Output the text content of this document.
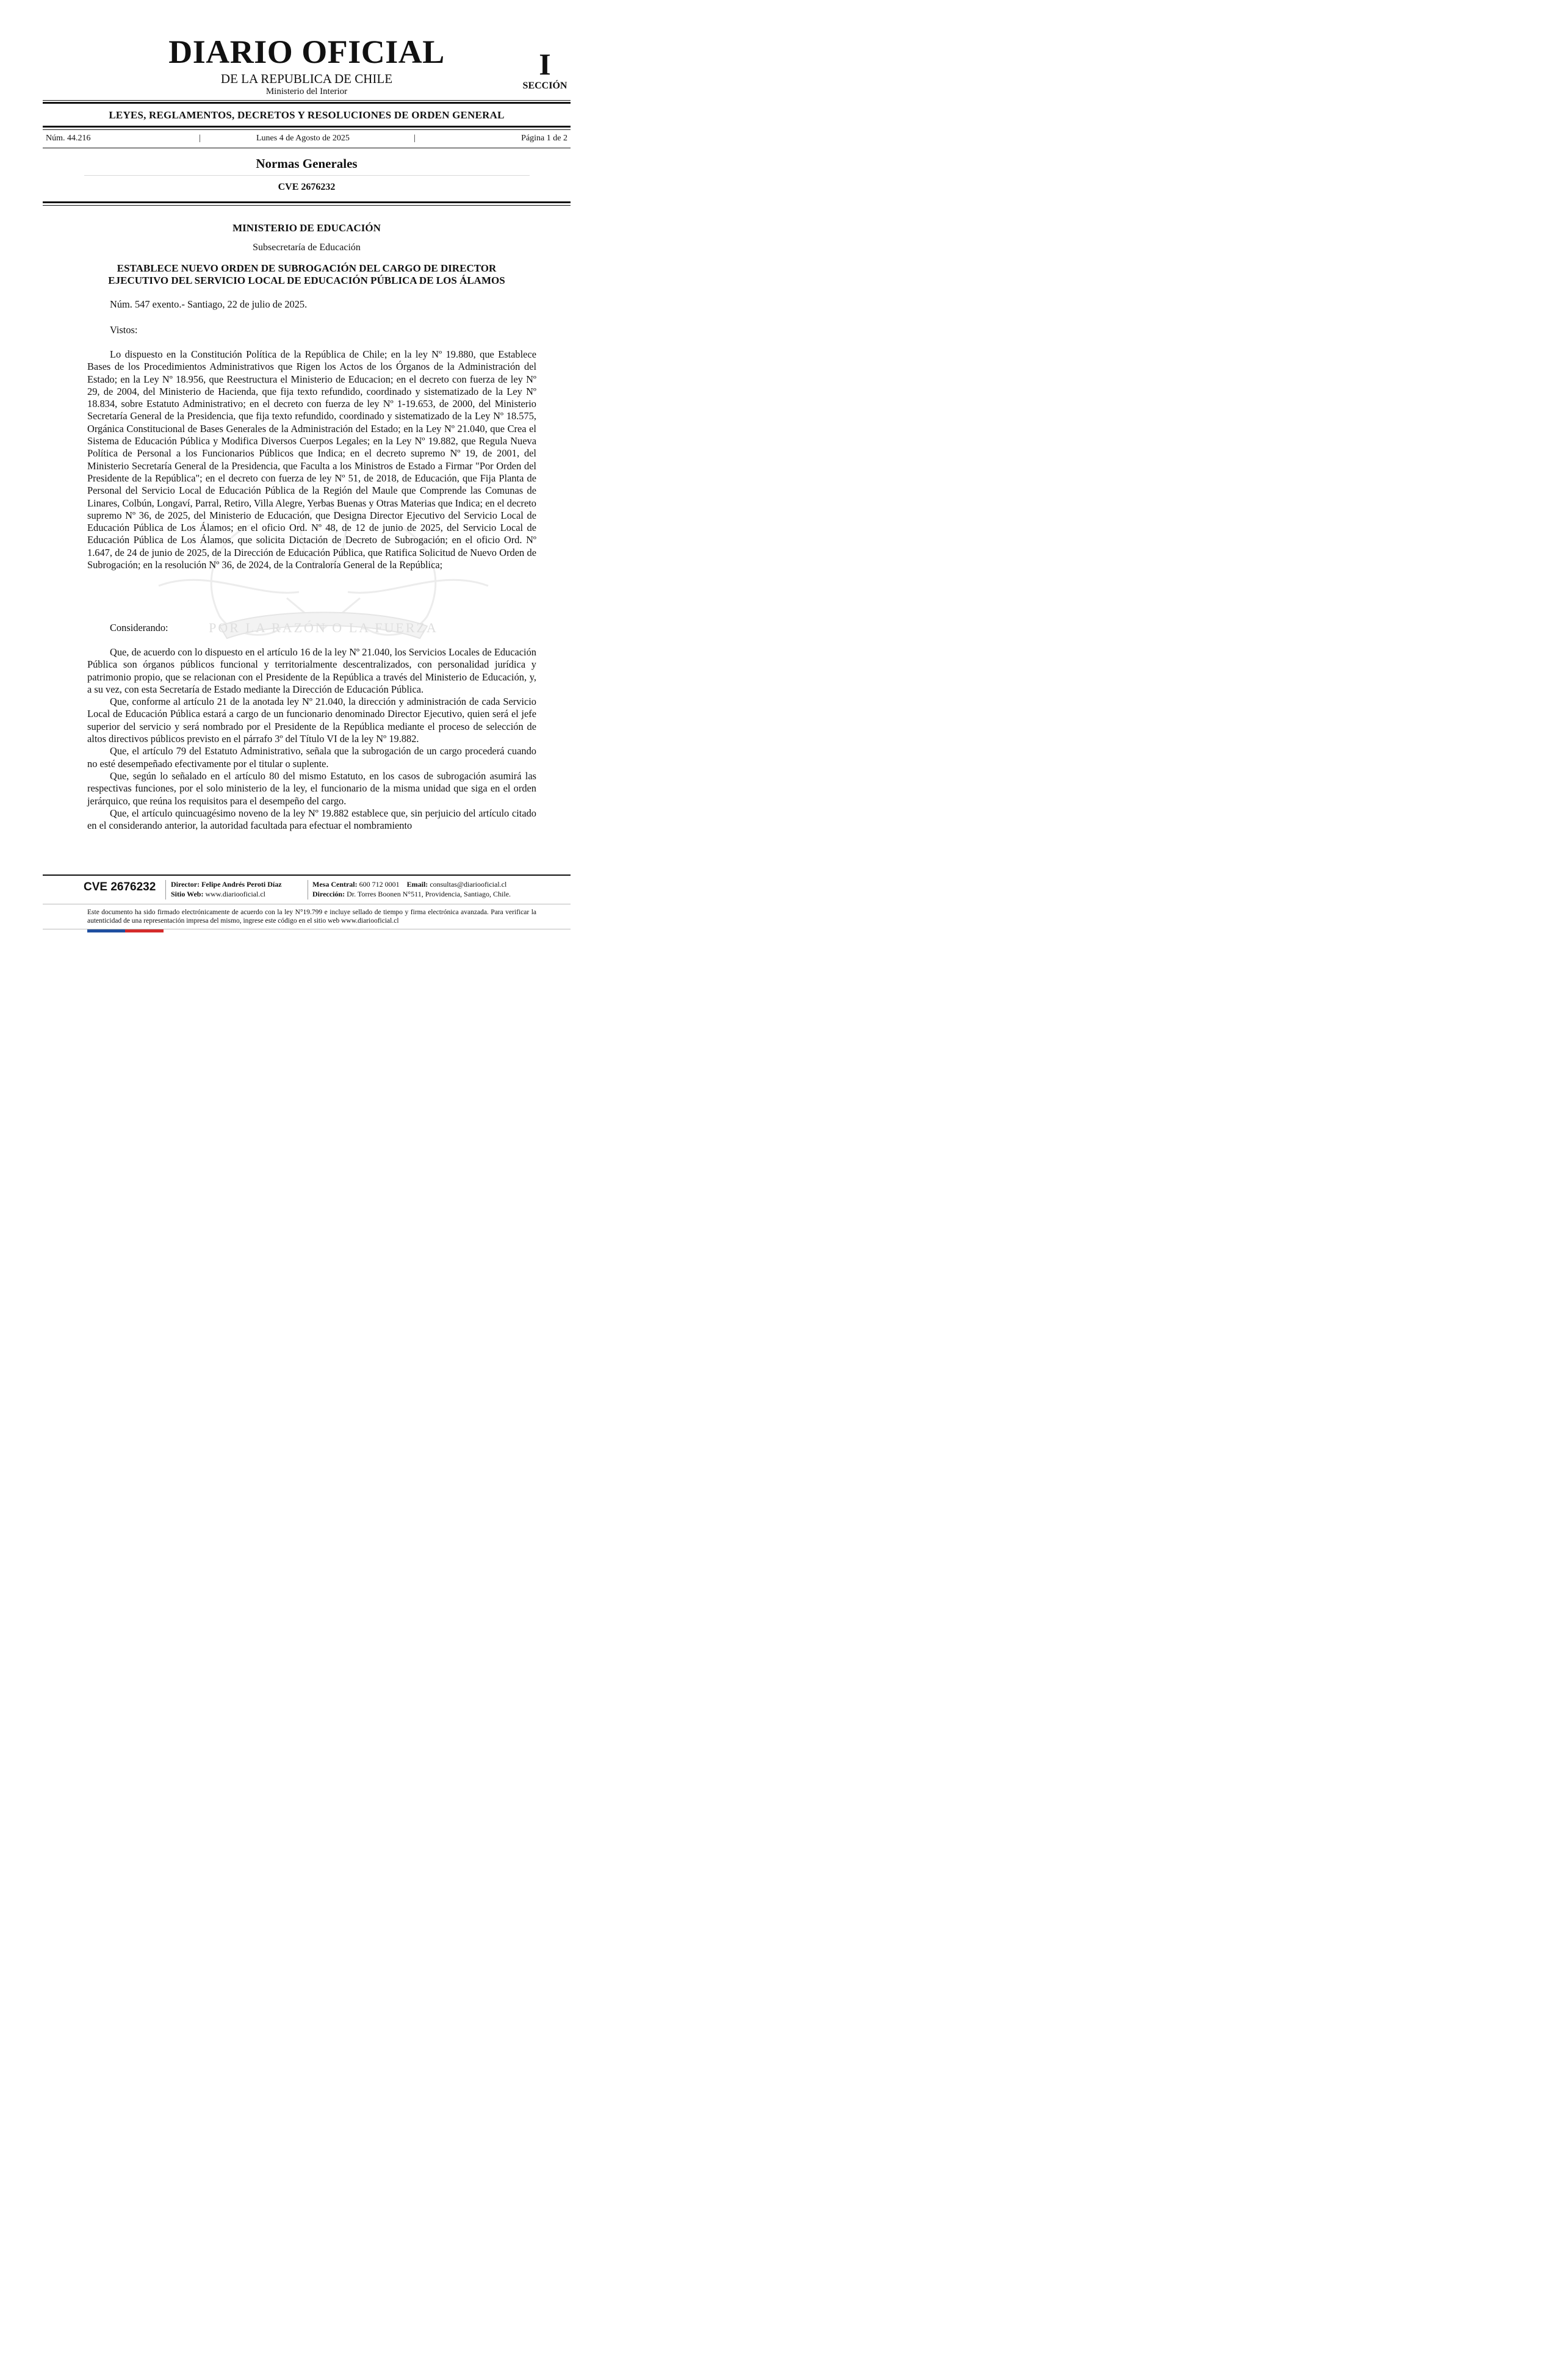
DIARIO OFICIAL
DE LA REPUBLICA DE CHILE
Ministerio del Interior
I
SECCIÓN
LEYES, REGLAMENTOS, DECRETOS Y RESOLUCIONES DE ORDEN GENERAL
Núm. 44.216	|	Lunes 4 de Agosto de 2025	|	Página 1 de 2
Normas Generales
CVE 2676232
POR LA RAZÓN O LA FUERZA
MINISTERIO DE EDUCACIÓN
Subsecretaría de Educación
ESTABLECE NUEVO ORDEN DE SUBROGACIÓN DEL CARGO DE DIRECTOR
EJECUTIVO DEL SERVICIO LOCAL DE EDUCACIÓN PÚBLICA DE LOS ÁLAMOS
Núm. 547 exento.- Santiago, 22 de julio de 2025.
Vistos:

Lo dispuesto en la Constitución Política de la República de Chile; en la ley Nº 19.880, que Establece Bases de los Procedimientos Administrativos que Rigen los Actos de los Órganos de la Administración del Estado; en la Ley Nº 18.956, que Reestructura el Ministerio de Educacion; en el decreto con fuerza de ley Nº 29, de 2004, del Ministerio de Hacienda, que fija texto refundido, coordinado y sistematizado de la Ley Nº 18.834, sobre Estatuto Administrativo; en el decreto con fuerza de ley Nº 1-19.653, de 2000, del Ministerio Secretaría General de la Presidencia, que fija texto refundido, coordinado y sistematizado de la Ley Nº 18.575, Orgánica Constitucional de Bases Generales de la Administración del Estado; en la Ley Nº 21.040, que Crea el Sistema de Educación Pública y Modifica Diversos Cuerpos Legales; en la Ley Nº 19.882, que Regula Nueva Política de Personal a los Funcionarios Públicos que Indica; en el decreto supremo Nº 19, de 2001, del Ministerio Secretaría General de la Presidencia, que Faculta a los Ministros de Estado a Firmar "Por Orden del Presidente de la República"; en el decreto con fuerza de ley Nº 51, de 2018, de Educación, que Fija Planta de Personal del Servicio Local de Educación Pública de la Región del Maule que Comprende las Comunas de Linares, Colbún, Longaví, Parral, Retiro, Villa Alegre, Yerbas Buenas y Otras Materias que Indica; en el decreto supremo Nº 36, de 2025, del Ministerio de Educación, que Designa Director Ejecutivo del Servicio Local de Educación Pública de Los Álamos; en el oficio Ord. Nº 48, de 12 de junio de 2025, del Servicio Local de Educación Pública de Los Álamos, que solicita Dictación de Decreto de Subrogación; en el oficio Ord. Nº 1.647, de 24 de junio de 2025, de la Dirección de Educación Pública, que Ratifica Solicitud de Nuevo Orden de Subrogación; en la resolución Nº 36, de 2024, de la Contraloría General de la República;

Considerando:

Que, de acuerdo con lo dispuesto en el artículo 16 de la ley Nº 21.040, los Servicios Locales de Educación Pública son órganos públicos funcional y territorialmente descentralizados, con personalidad jurídica y patrimonio propio, que se relacionan con el Presidente de la República a través del Ministerio de Educación, y, a su vez, con esta Secretaría de Estado mediante la Dirección de Educación Pública.

Que, conforme al artículo 21 de la anotada ley Nº 21.040, la dirección y administración de cada Servicio Local de Educación Pública estará a cargo de un funcionario denominado Director Ejecutivo, quien será el jefe superior del servicio y será nombrado por el Presidente de la República mediante el proceso de selección de altos directivos públicos previsto en el párrafo 3º del Título VI de la ley Nº 19.882.

Que, el artículo 79 del Estatuto Administrativo, señala que la subrogación de un cargo procederá cuando no esté desempeñado efectivamente por el titular o suplente.

Que, según lo señalado en el artículo 80 del mismo Estatuto, en los casos de subrogación asumirá las respectivas funciones, por el solo ministerio de la ley, el funcionario de la misma unidad que siga en el orden jerárquico, que reúna los requisitos para el desempeño del cargo.

Que, el artículo quincuagésimo noveno de la ley Nº 19.882 establece que, sin perjuicio del artículo citado en el considerando anterior, la autoridad facultada para efectuar el nombramiento

CVE 2676232	Director: Felipe Andrés Peroti Díaz
Sitio Web: www.diariooficial.cl
Mesa Central: 600 712 0001 Email: consultas@diariooficial.cl
Dirección: Dr. Torres Boonen N°511, Providencia, Santiago, Chile.
Este documento ha sido firmado electrónicamente de acuerdo con la ley N°19.799 e incluye sellado de tiempo y firma electrónica avanzada. Para verificar la autenticidad de una representación impresa del mismo, ingrese este código en el sitio web www.diariooficial.cl
